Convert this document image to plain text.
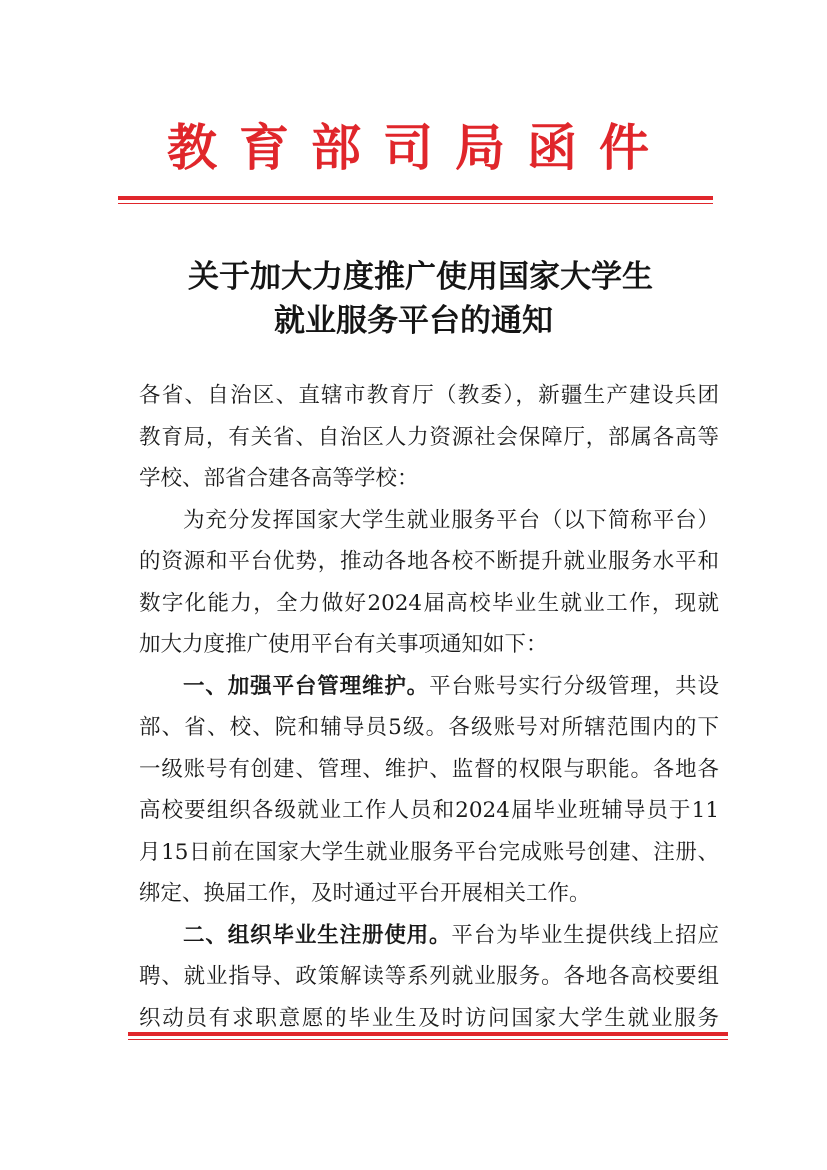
教育部司局函件
关于加大力度推广使用国家大学生
就业服务平台的通知
各省、自治区、直辖市教育厅（教委），新疆生产建设兵团
教育局，有关省、自治区人力资源社会保障厅，部属各高等
学校、部省合建各高等学校：
为充分发挥国家大学生就业服务平台（以下简称平台）
的资源和平台优势，推动各地各校不断提升就业服务水平和
数字化能力，全力做好2024届高校毕业生就业工作，现就
加大力度推广使用平台有关事项通知如下：
一、加强平台管理维护。平台账号实行分级管理，共设
部、省、校、院和辅导员5级。各级账号对所辖范围内的下
一级账号有创建、管理、维护、监督的权限与职能。各地各
高校要组织各级就业工作人员和2024届毕业班辅导员于11
月15日前在国家大学生就业服务平台完成账号创建、注册、
绑定、换届工作，及时通过平台开展相关工作。
二、组织毕业生注册使用。平台为毕业生提供线上招应
聘、就业指导、政策解读等系列就业服务。各地各高校要组
织动员有求职意愿的毕业生及时访问国家大学生就业服务
